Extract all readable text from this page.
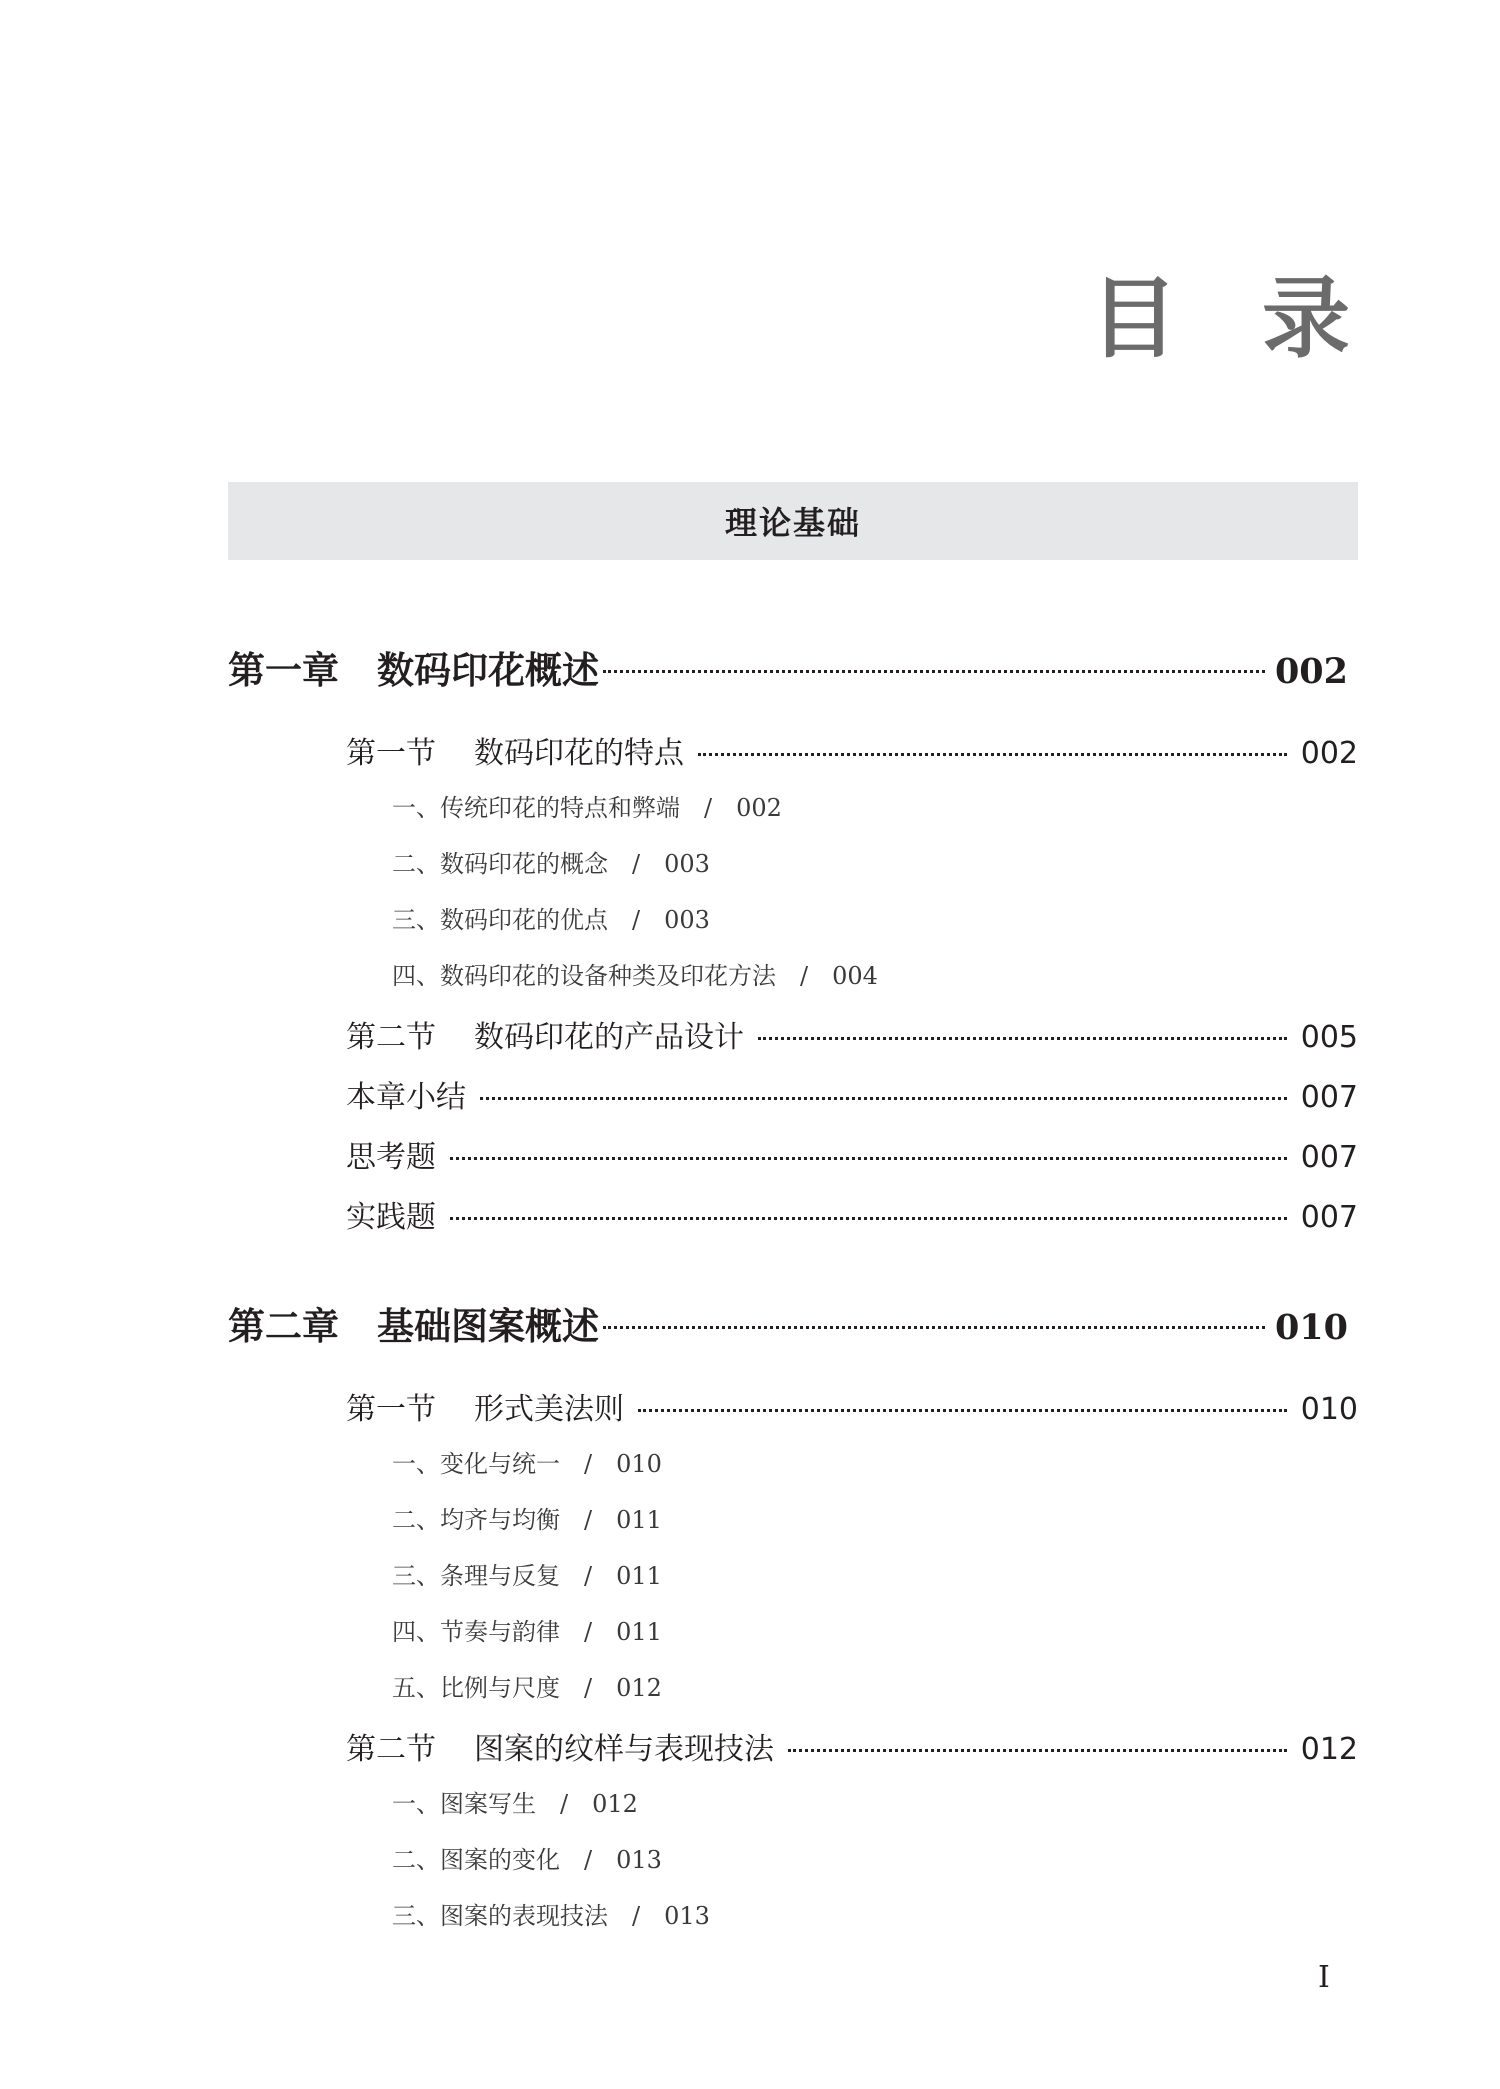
目 录
理论基础
第一章 数码印花概述	002
第一节 数码印花的特点	002
一、传统印花的特点和弊端 / 002
二、数码印花的概念 / 003
三、数码印花的优点 / 003
四、数码印花的设备种类及印花方法 / 004
第二节 数码印花的产品设计	005
本章小结	007
思考题	007
实践题	007
第二章 基础图案概述	010
第一节 形式美法则	010
一、变化与统一 / 010
二、均齐与均衡 / 011
三、条理与反复 / 011
四、节奏与韵律 / 011
五、比例与尺度 / 012
第二节 图案的纹样与表现技法	012
一、图案写生 / 012
二、图案的变化 / 013
三、图案的表现技法 / 013
I
